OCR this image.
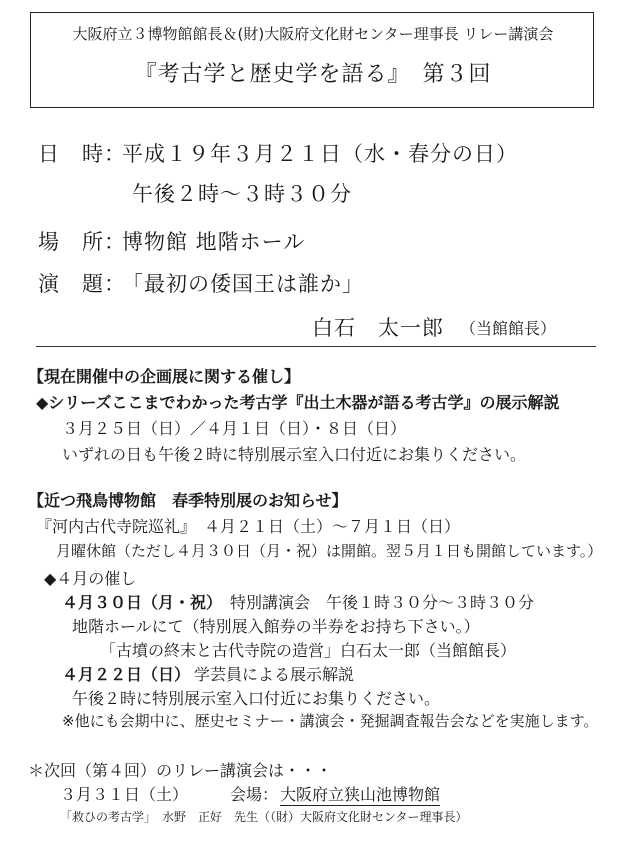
大阪府立３博物館館長＆(財)大阪府文化財センター理事長 リレー講演会
『考古学と歴史学を語る』　第３回
日　時：
平成１９年３月２１日（水・春分の日）
午後２時～３時３０分
場　所：
博物館 地階ホール
演　題：
「最初の倭国王は誰か」
白石　太一郎 （当館館長）
【現在開催中の企画展に関する催し】
◆シリーズここまでわかった考古学『出土木器が語る考古学』の展示解説
３月２５日（日）／４月１日（日）・８日（日）
いずれの日も午後２時に特別展示室入口付近にお集りください。
【近つ飛鳥博物館　春季特別展のお知らせ】
『河内古代寺院巡礼』　４月２１日（土）～７月１日（日）
月曜休館（ただし４月３０日（月・祝）は開館。翌５月１日も開館しています。）
◆４月の催し
４月３０日（月・祝） 特別講演会　午後１時３０分～３時３０分
地階ホールにて（特別展入館券の半券をお持ち下さい。）
「古墳の終末と古代寺院の造営」白石太一郎（当館館長）
４月２２日（日） 学芸員による展示解説
午後２時に特別展示室入口付近にお集りください。
※他にも会期中に、歴史セミナー・講演会・発掘調査報告会などを実施します。
＊次回（第４回）のリレー講演会は・・・
３月３１日（土）	会場： 大阪府立狭山池博物館
「救ひの考古学」　水野　正好　先生（（財）大阪府文化財センター理事長）
